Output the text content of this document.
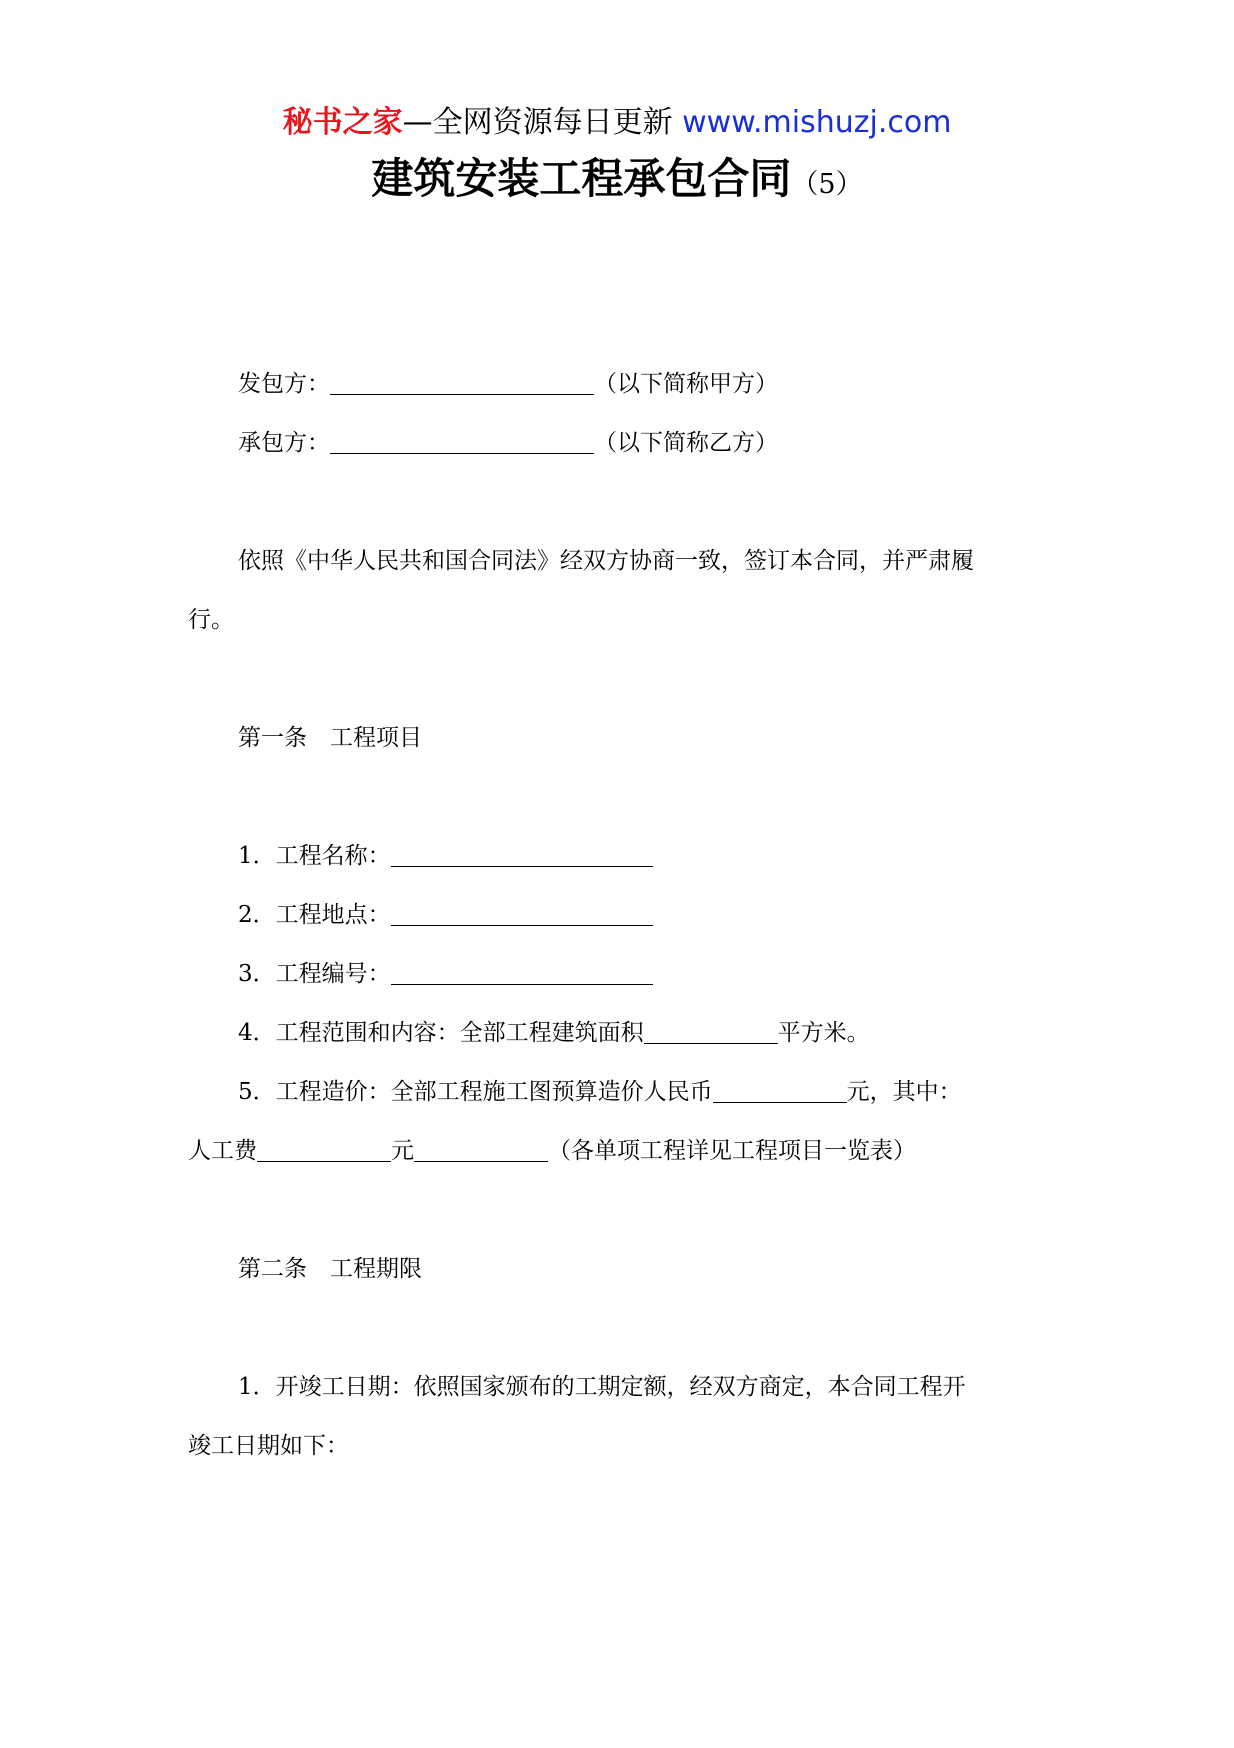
秘书之家—全网资源每日更新 www.mishuzj.com
建筑安装工程承包合同（5）
发包方：	（以下简称甲方）
承包方：	（以下简称乙方）
依照《中华人民共和国合同法》经双方协商一致，签订本合同，并严肃履
行。
第一条　工程项目
1．工程名称：
2．工程地点：
3．工程编号：
4．工程范围和内容：全部工程建筑面积	平方米。
5．工程造价：全部工程施工图预算造价人民币	元，其中：
人工费	元	（各单项工程详见工程项目一览表）
第二条　工程期限
1．开竣工日期：依照国家颁布的工期定额，经双方商定，本合同工程开
竣工日期如下：
